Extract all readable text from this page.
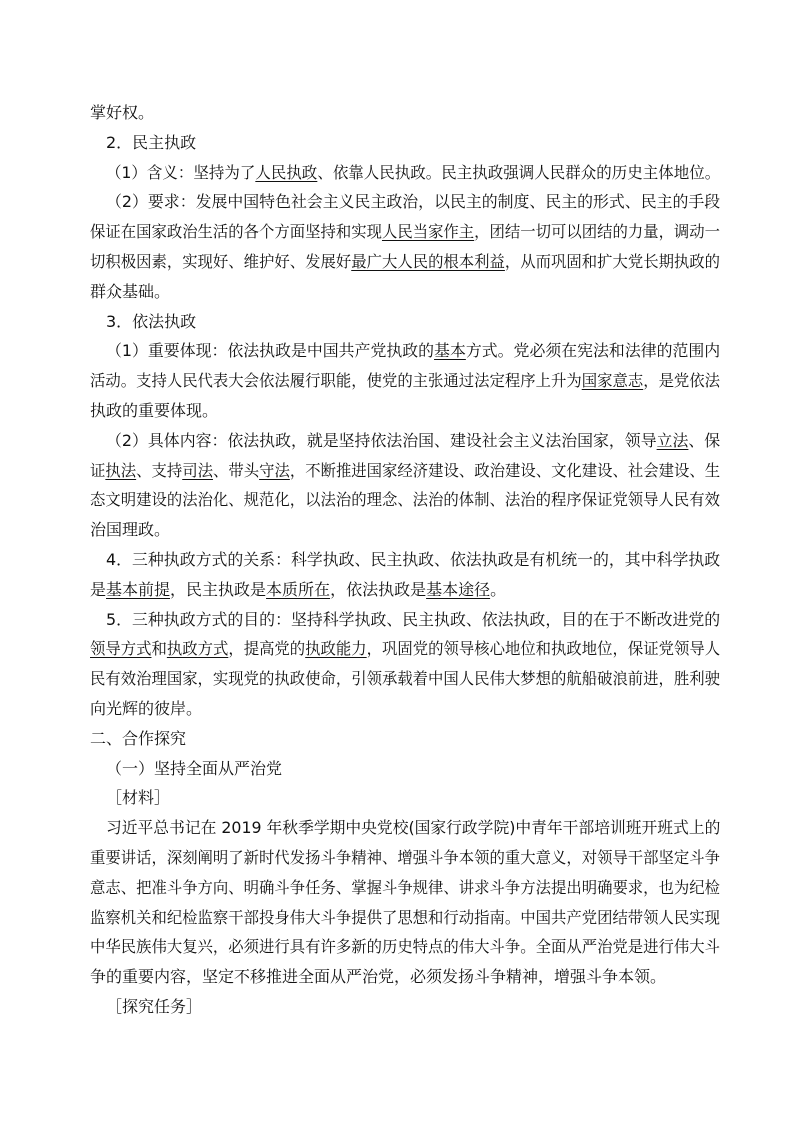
掌好权。
2．民主执政
（1）含义：坚持为了人民执政、依靠人民执政。民主执政强调人民群众的历史主体地位。
（2）要求：发展中国特色社会主义民主政治，以民主的制度、民主的形式、民主的手段
保证在国家政治生活的各个方面坚持和实现人民当家作主，团结一切可以团结的力量，调动一
切积极因素，实现好、维护好、发展好最广大人民的根本利益，从而巩固和扩大党长期执政的
群众基础。
3．依法执政
（1）重要体现：依法执政是中国共产党执政的基本方式。党必须在宪法和法律的范围内
活动。支持人民代表大会依法履行职能，使党的主张通过法定程序上升为国家意志，是党依法
执政的重要体现。
（2）具体内容：依法执政，就是坚持依法治国、建设社会主义法治国家，领导立法、保
证执法、支持司法、带头守法，不断推进国家经济建设、政治建设、文化建设、社会建设、生
态文明建设的法治化、规范化，以法治的理念、法治的体制、法治的程序保证党领导人民有效
治国理政。
4．三种执政方式的关系：科学执政、民主执政、依法执政是有机统一的，其中科学执政
是基本前提，民主执政是本质所在，依法执政是基本途径。
5．三种执政方式的目的：坚持科学执政、民主执政、依法执政，目的在于不断改进党的
领导方式和执政方式，提高党的执政能力，巩固党的领导核心地位和执政地位，保证党领导人
民有效治理国家，实现党的执政使命，引领承载着中国人民伟大梦想的航船破浪前进，胜利驶
向光辉的彼岸。
二、合作探究
（一）坚持全面从严治党
［材料］
习近平总书记在 2019 年秋季学期中央党校(国家行政学院)中青年干部培训班开班式上的
重要讲话，深刻阐明了新时代发扬斗争精神、增强斗争本领的重大意义，对领导干部坚定斗争
意志、把准斗争方向、明确斗争任务、掌握斗争规律、讲求斗争方法提出明确要求，也为纪检
监察机关和纪检监察干部投身伟大斗争提供了思想和行动指南。中国共产党团结带领人民实现
中华民族伟大复兴，必须进行具有许多新的历史特点的伟大斗争。全面从严治党是进行伟大斗
争的重要内容，坚定不移推进全面从严治党，必须发扬斗争精神，增强斗争本领。
［探究任务］
